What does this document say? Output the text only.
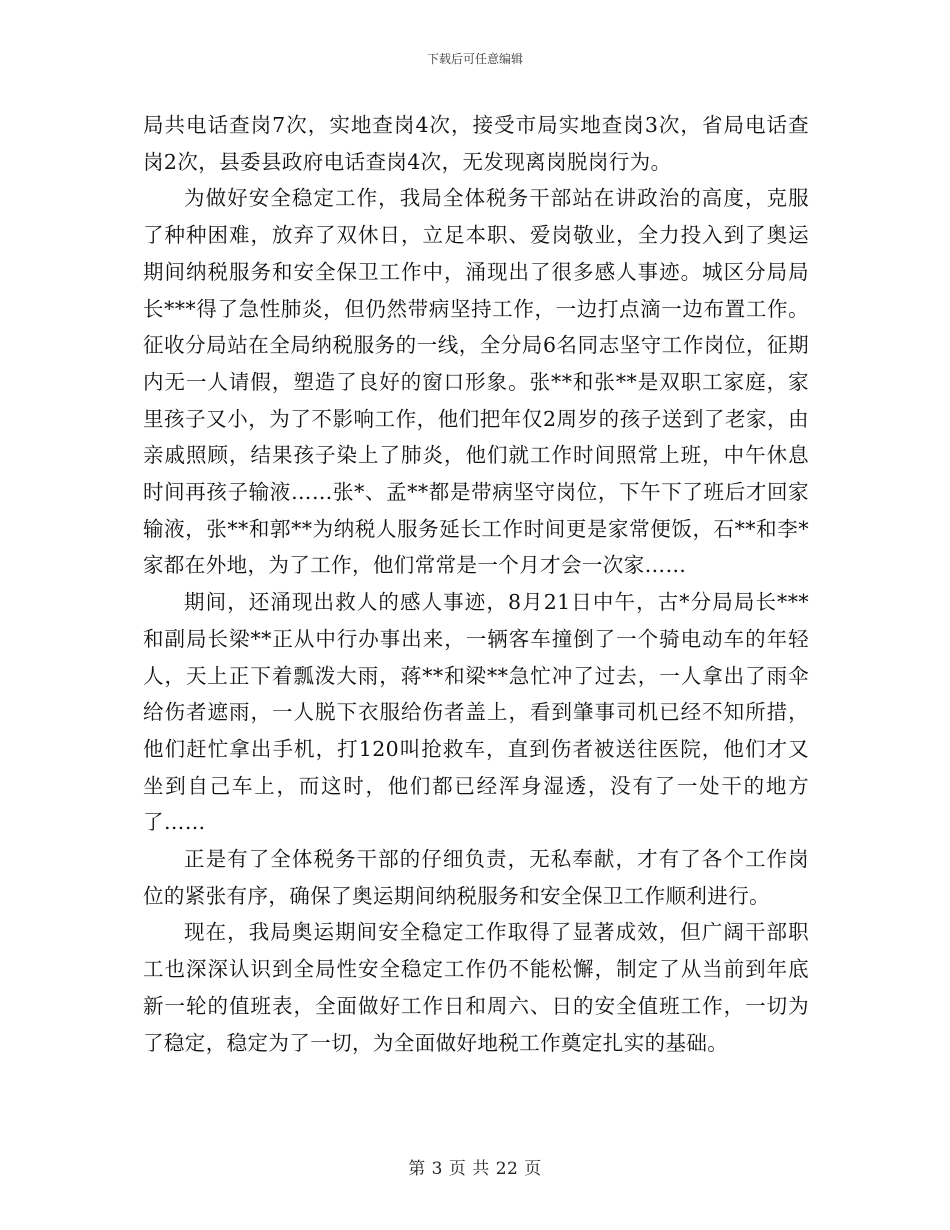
下载后可任意编辑

局共电话查岗7次，实地查岗4次，接受市局实地查岗3次，省局电话查岗2次，县委县政府电话查岗4次，无发现离岗脱岗行为。

为做好安全稳定工作，我局全体税务干部站在讲政治的高度，克服了种种困难，放弃了双休日，立足本职、爱岗敬业，全力投入到了奥运期间纳税服务和安全保卫工作中，涌现出了很多感人事迹。城区分局局长***得了急性肺炎，但仍然带病坚持工作，一边打点滴一边布置工作。征收分局站在全局纳税服务的一线，全分局6名同志坚守工作岗位，征期内无一人请假，塑造了良好的窗口形象。张**和张**是双职工家庭，家里孩子又小，为了不影响工作，他们把年仅2周岁的孩子送到了老家，由亲戚照顾，结果孩子染上了肺炎，他们就工作时间照常上班，中午休息时间再孩子输液……张*、孟**都是带病坚守岗位，下午下了班后才回家输液，张**和郭**为纳税人服务延长工作时间更是家常便饭，石**和李*家都在外地，为了工作，他们常常是一个月才会一次家……

期间，还涌现出救人的感人事迹，8月21日中午，古*分局局长***和副局长梁**正从中行办事出来，一辆客车撞倒了一个骑电动车的年轻人，天上正下着瓢泼大雨，蒋**和梁**急忙冲了过去，一人拿出了雨伞给伤者遮雨，一人脱下衣服给伤者盖上，看到肇事司机已经不知所措，他们赶忙拿出手机，打120叫抢救车，直到伤者被送往医院，他们才又坐到自己车上，而这时，他们都已经浑身湿透，没有了一处干的地方了……

正是有了全体税务干部的仔细负责，无私奉献，才有了各个工作岗位的紧张有序，确保了奥运期间纳税服务和安全保卫工作顺利进行。

现在，我局奥运期间安全稳定工作取得了显著成效，但广阔干部职工也深深认识到全局性安全稳定工作仍不能松懈，制定了从当前到年底新一轮的值班表，全面做好工作日和周六、日的安全值班工作，一切为了稳定，稳定为了一切，为全面做好地税工作奠定扎实的基础。

第 3 页 共 22 页
